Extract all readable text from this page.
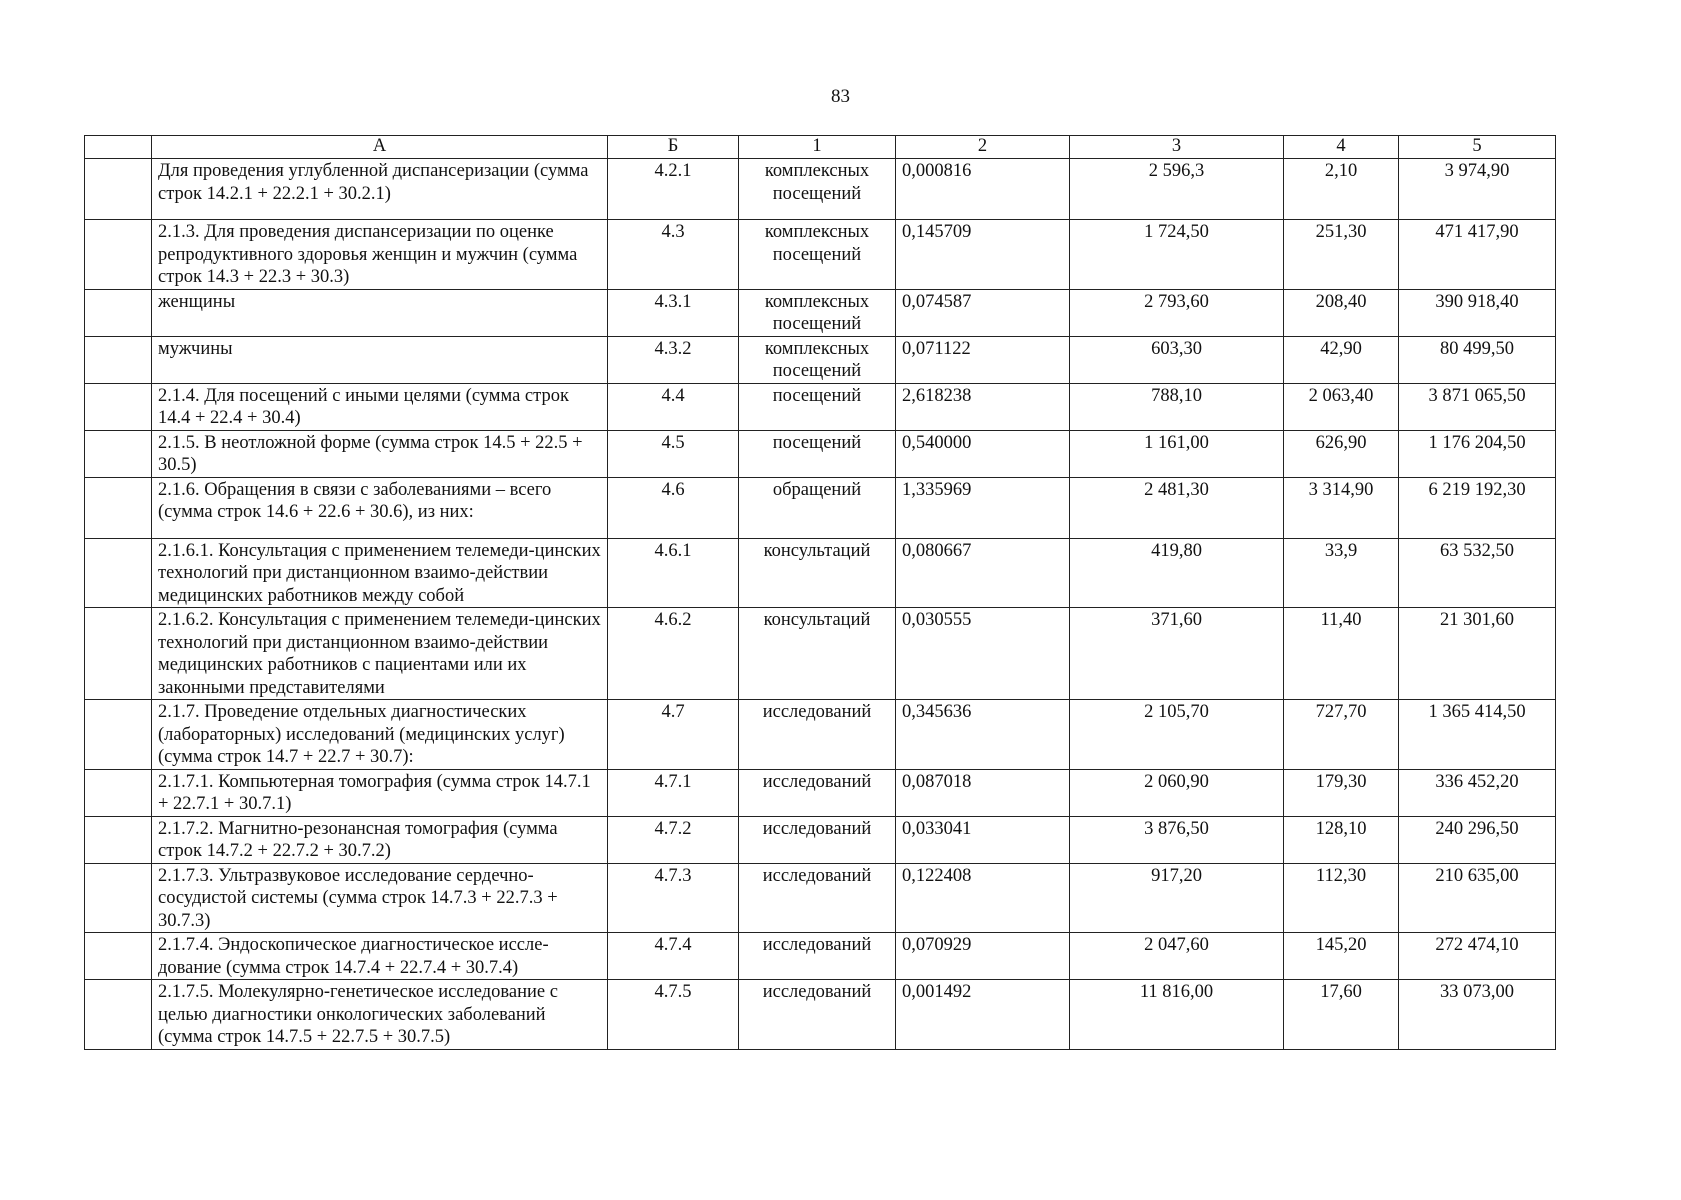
83
	А	Б	1	2	3	4	5
	Для проведения углубленной диспансеризации (сумма строк 14.2.1 + 22.2.1 + 30.2.1)	4.2.1	комплексных посещений	0,000816	2 596,3	2,10	3 974,90
	2.1.3. Для проведения диспансеризации по оценке репродуктивного здоровья женщин и мужчин (сумма строк 14.3 + 22.3 + 30.3)	4.3	комплексных посещений	0,145709	1 724,50	251,30	471 417,90
	женщины	4.3.1	комплексных посещений	0,074587	2 793,60	208,40	390 918,40
	мужчины	4.3.2	комплексных посещений	0,071122	603,30	42,90	80 499,50
	2.1.4. Для посещений с иными целями (сумма строк 14.4 + 22.4 + 30.4)	4.4	посещений	2,618238	788,10	2 063,40	3 871 065,50
	2.1.5. В неотложной форме (сумма строк 14.5 + 22.5 + 30.5)	4.5	посещений	0,540000	1 161,00	626,90	1 176 204,50
	2.1.6. Обращения в связи с заболеваниями – всего (сумма строк 14.6 + 22.6 + 30.6), из них:	4.6	обращений	1,335969	2 481,30	3 314,90	6 219 192,30
	2.1.6.1. Консультация с применением телемеди-цинских технологий при дистанционном взаимо-действии медицинских работников между собой	4.6.1	консультаций	0,080667	419,80	33,9	63 532,50
	2.1.6.2. Консультация с применением телемеди-цинских технологий при дистанционном взаимо-действии медицинских работников с пациентами или их законными представителями	4.6.2	консультаций	0,030555	371,60	11,40	21 301,60
	2.1.7. Проведение отдельных диагностических (лабораторных) исследований (медицинских услуг) (сумма строк 14.7 + 22.7 + 30.7):	4.7	исследований	0,345636	2 105,70	727,70	1 365 414,50
	2.1.7.1. Компьютерная томография (сумма строк 14.7.1 + 22.7.1 + 30.7.1)	4.7.1	исследований	0,087018	2 060,90	179,30	336 452,20
	2.1.7.2. Магнитно-резонансная томография (сумма строк 14.7.2 + 22.7.2 + 30.7.2)	4.7.2	исследований	0,033041	3 876,50	128,10	240 296,50
	2.1.7.3. Ультразвуковое исследование сердечно-сосудистой системы (сумма строк 14.7.3 + 22.7.3 + 30.7.3)	4.7.3	исследований	0,122408	917,20	112,30	210 635,00
	2.1.7.4. Эндоскопическое диагностическое иссле-дование (сумма строк 14.7.4 + 22.7.4 + 30.7.4)	4.7.4	исследований	0,070929	2 047,60	145,20	272 474,10
	2.1.7.5. Молекулярно-генетическое исследование с целью диагностики онкологических заболеваний (сумма строк 14.7.5 + 22.7.5 + 30.7.5)	4.7.5	исследований	0,001492	11 816,00	17,60	33 073,00
